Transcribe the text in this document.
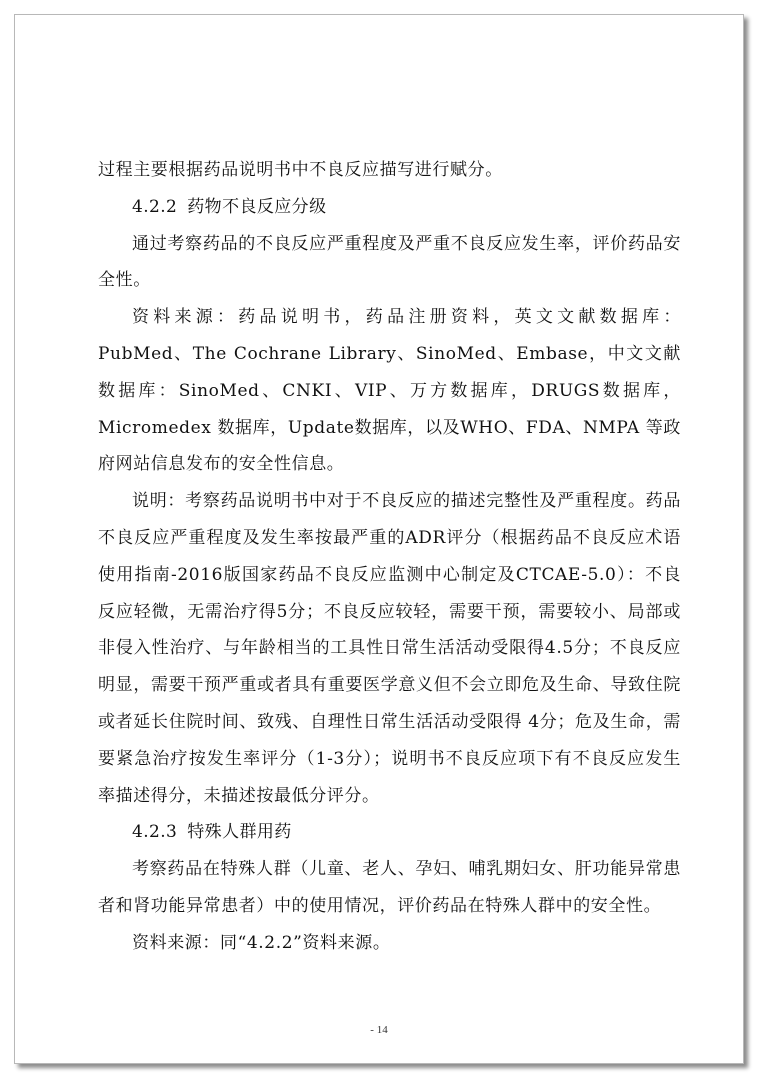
过程主要根据药品说明书中不良反应描写进行赋分。

4.2.2 药物不良反应分级

通过考察药品的不良反应严重程度及严重不良反应发生率，评价药品安全性。

资料来源：药品说明书，药品注册资料，英文文献数据库：PubMed、The Cochrane Library、SinoMed、Embase，中文文献数据库：SinoMed、CNKI、VIP、万方数据库，DRUGS数据库，Micromedex 数据库，Update数据库，以及WHO、FDA、NMPA 等政府网站信息发布的安全性信息。

说明：考察药品说明书中对于不良反应的描述完整性及严重程度。药品不良反应严重程度及发生率按最严重的ADR评分（根据药品不良反应术语使用指南-2016版国家药品不良反应监测中心制定及CTCAE-5.0）：不良反应轻微，无需治疗得5分；不良反应较轻，需要干预，需要较小、局部或非侵入性治疗、与年龄相当的工具性日常生活活动受限得4.5分；不良反应明显，需要干预严重或者具有重要医学意义但不会立即危及生命、导致住院或者延长住院时间、致残、自理性日常生活活动受限得 4分；危及生命，需要紧急治疗按发生率评分（1-3分）；说明书不良反应项下有不良反应发生率描述得分，未描述按最低分评分。

4.2.3 特殊人群用药

考察药品在特殊人群（儿童、老人、孕妇、哺乳期妇女、肝功能异常患者和肾功能异常患者）中的使用情况，评价药品在特殊人群中的安全性。

资料来源：同“4.2.2”资料来源。

- 14
